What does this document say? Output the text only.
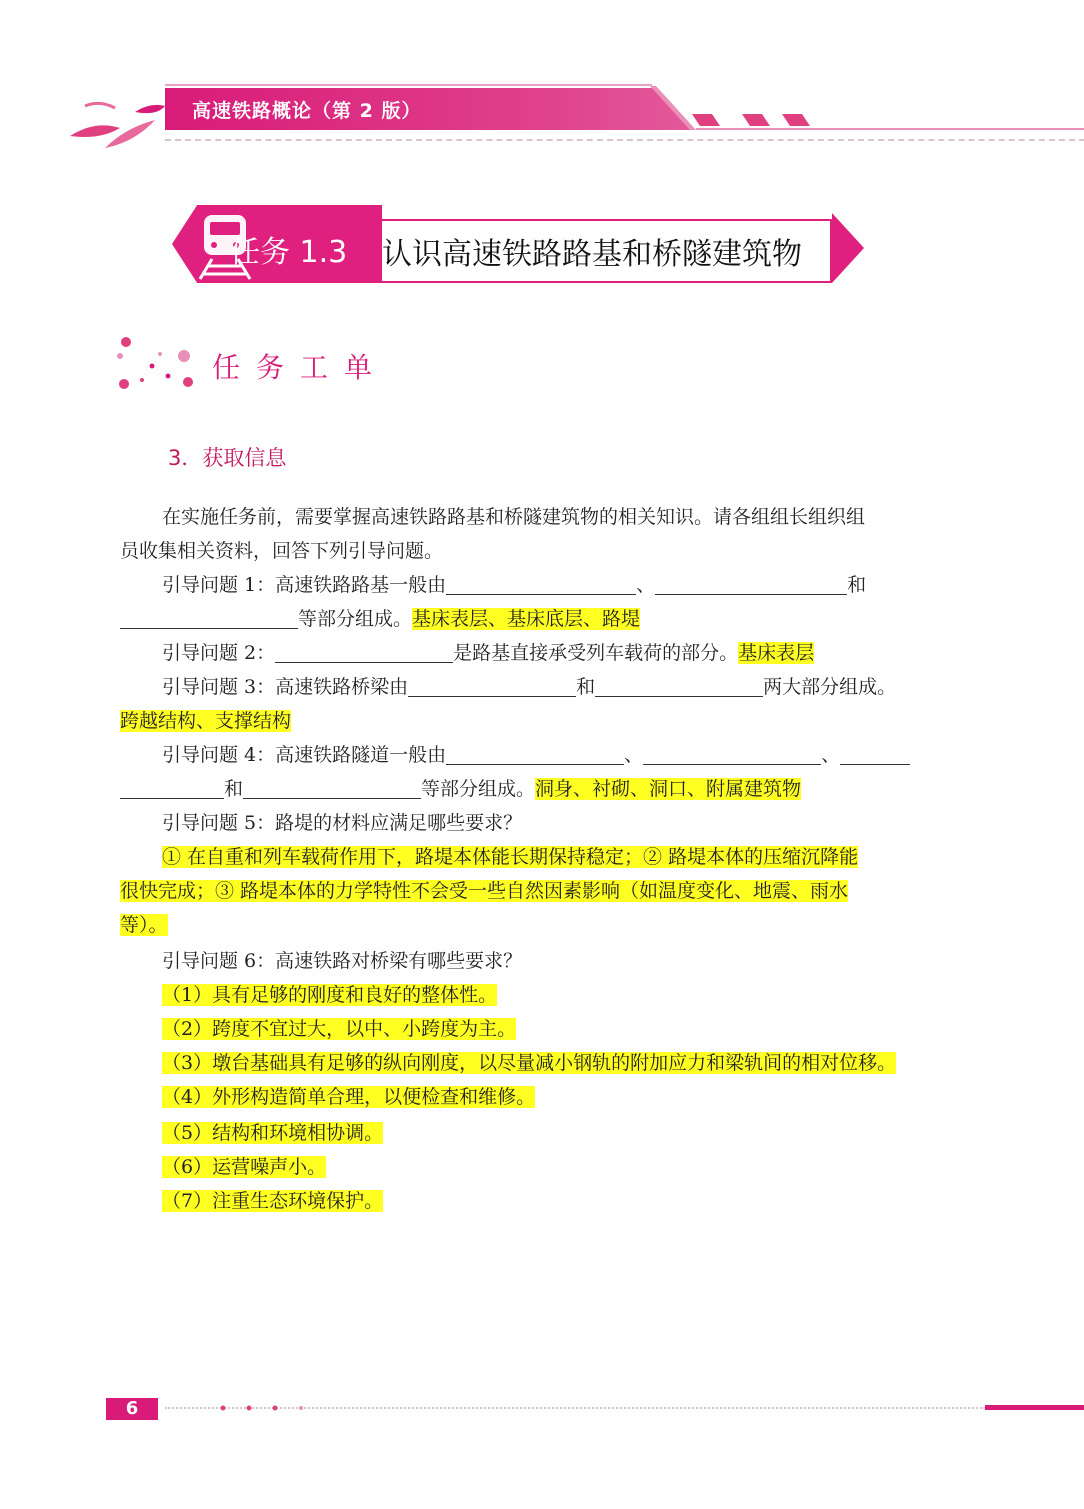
高速铁路概论（第 2 版）
任务 1.3 认识高速铁路路基和桥隧建筑物
任务工单
3．获取信息
在实施任务前，需要掌握高速铁路路基和桥隧建筑物的相关知识。请各组组长组织组
员收集相关资料，回答下列引导问题。
引导问题 1：高速铁路路基一般由	、	和
等部分组成。基床表层、基床底层、路堤
引导问题 2：	是路基直接承受列车载荷的部分。基床表层
引导问题 3：高速铁路桥梁由	和	两大部分组成。
跨越结构、支撑结构
引导问题 4：高速铁路隧道一般由	、	、
和	等部分组成。洞身、衬砌、洞口、附属建筑物
引导问题 5：路堤的材料应满足哪些要求？
① 在自重和列车载荷作用下，路堤本体能长期保持稳定；② 路堤本体的压缩沉降能
很快完成；③ 路堤本体的力学特性不会受一些自然因素影响（如温度变化、地震、雨水
等）。
引导问题 6：高速铁路对桥梁有哪些要求？
（1）具有足够的刚度和良好的整体性。
（2）跨度不宜过大，以中、小跨度为主。
（3）墩台基础具有足够的纵向刚度，以尽量减小钢轨的附加应力和梁轨间的相对位移。
（4）外形构造简单合理，以便检查和维修。
（5）结构和环境相协调。
（6）运营噪声小。
（7）注重生态环境保护。
6
